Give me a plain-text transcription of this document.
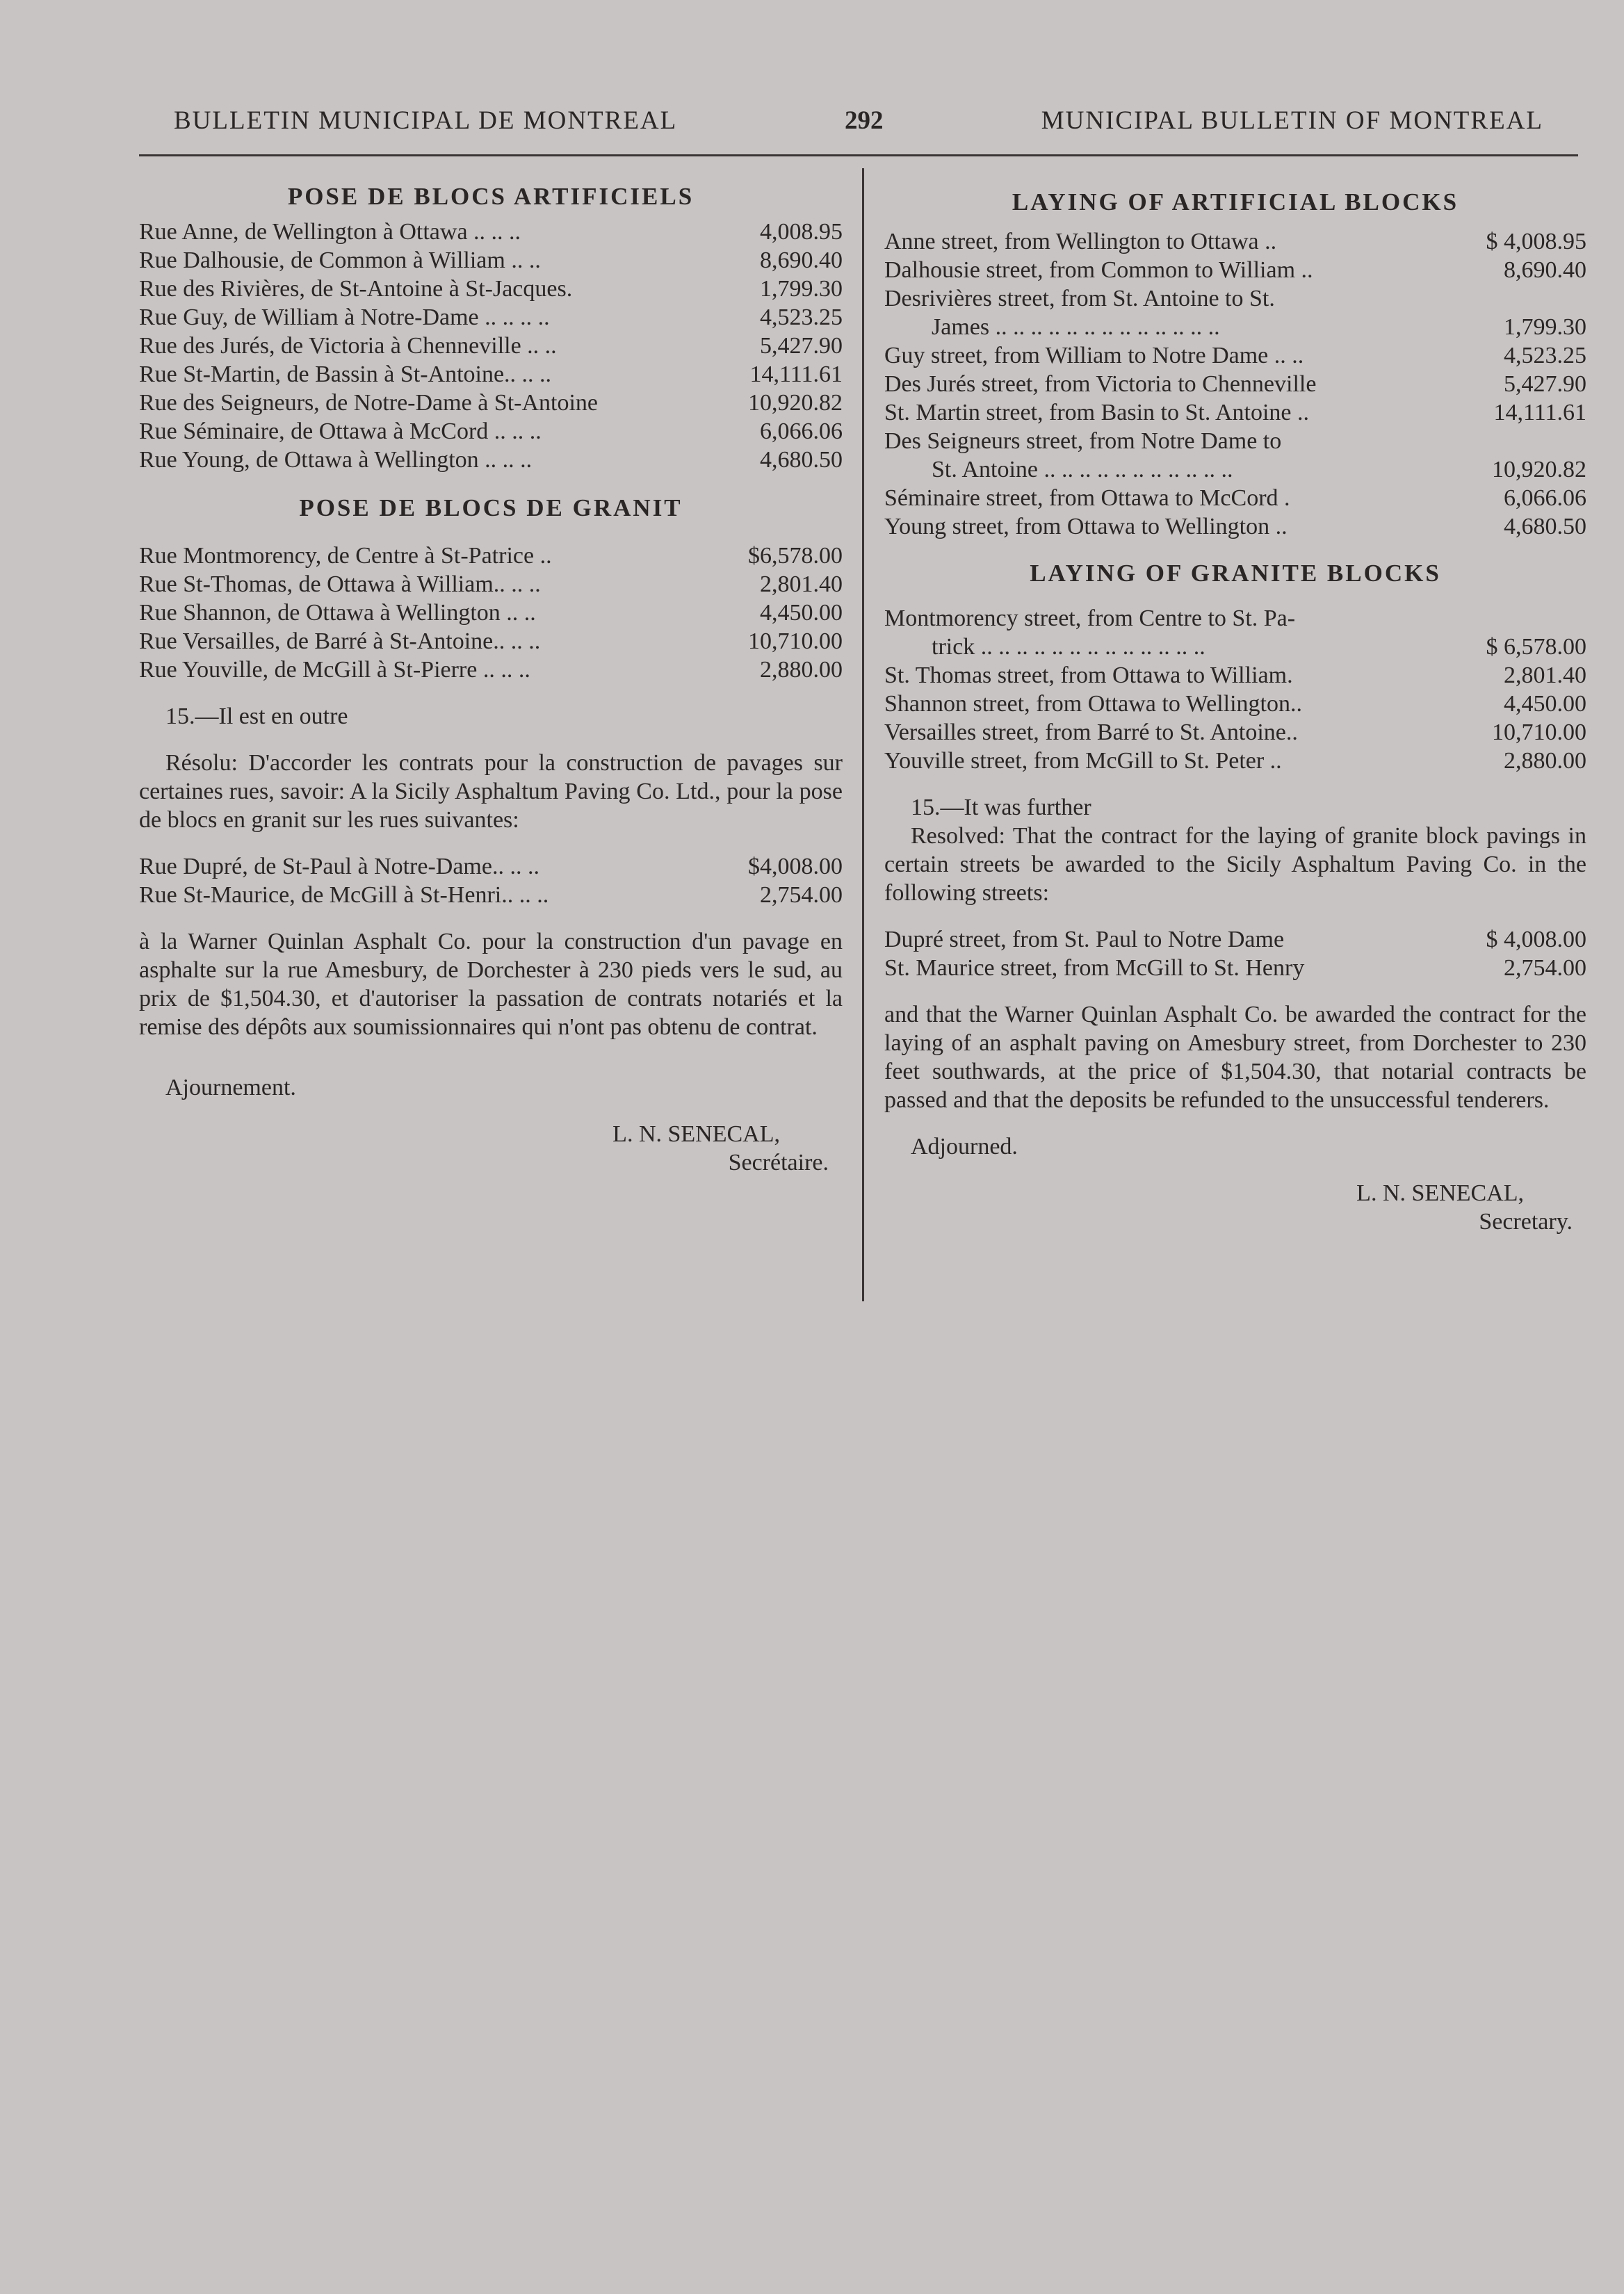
BULLETIN MUNICIPAL DE MONTREAL	292	MUNICIPAL BULLETIN OF MONTREAL
POSE DE BLOCS ARTIFICIELS
Rue Anne, de Wellington à Ottawa .. .. ..	4,008.95
Rue Dalhousie, de Common à William .. ..	8,690.40
Rue des Rivières, de St-Antoine à St-Jacques.	1,799.30
Rue Guy, de William à Notre-Dame .. .. .. ..	4,523.25
Rue des Jurés, de Victoria à Chenneville .. ..	5,427.90
Rue St-Martin, de Bassin à St-Antoine.. .. ..	14,111.61
Rue des Seigneurs, de Notre-Dame à St-Antoine	10,920.82
Rue Séminaire, de Ottawa à McCord .. .. ..	6,066.06
Rue Young, de Ottawa à Wellington .. .. ..	4,680.50
POSE DE BLOCS DE GRANIT
Rue Montmorency, de Centre à St-Patrice ..	$6,578.00
Rue St-Thomas, de Ottawa à William.. .. ..	2,801.40
Rue Shannon, de Ottawa à Wellington .. ..	4,450.00
Rue Versailles, de Barré à St-Antoine.. .. ..	10,710.00
Rue Youville, de McGill à St-Pierre .. .. ..	2,880.00
15.—Il est en outre

Résolu: D'accorder les contrats pour la construction de pavages sur certaines rues, savoir: A la Sicily Asphaltum Paving Co. Ltd., pour la pose de blocs en granit sur les rues suivantes:

Rue Dupré, de St-Paul à Notre-Dame.. .. ..	$4,008.00
Rue St-Maurice, de McGill à St-Henri.. .. ..	2,754.00

à la Warner Quinlan Asphalt Co. pour la construction d'un pavage en asphalte sur la rue Amesbury, de Dorchester à 230 pieds vers le sud, au prix de $1,504.30, et d'autoriser la passation de contrats notariés et la remise des dépôts aux soumissionnaires qui n'ont pas obtenu de contrat.

Ajournement.
L. N. SENECAL,
Secrétaire.
LAYING OF ARTIFICIAL BLOCKS
Anne street, from Wellington to Ottawa ..	$ 4,008.95
Dalhousie street, from Common to William ..	8,690.40
Desrivières street, from St. Antoine to St.
James .. .. .. .. .. .. .. .. .. .. .. .. ..	1,799.30
Guy street, from William to Notre Dame .. ..	4,523.25
Des Jurés street, from Victoria to Chenneville	5,427.90
St. Martin street, from Basin to St. Antoine ..	14,111.61
Des Seigneurs street, from Notre Dame to
St. Antoine .. .. .. .. .. .. .. .. .. .. ..	10,920.82
Séminaire street, from Ottawa to McCord .	6,066.06
Young street, from Ottawa to Wellington ..	4,680.50
LAYING OF GRANITE BLOCKS
Montmorency street, from Centre to St. Pa-
trick .. .. .. .. .. .. .. .. .. .. .. .. ..	$ 6,578.00
St. Thomas street, from Ottawa to William.	2,801.40
Shannon street, from Ottawa to Wellington..	4,450.00
Versailles street, from Barré to St. Antoine..	10,710.00
Youville street, from McGill to St. Peter ..	2,880.00
15.—It was further

Resolved: That the contract for the laying of granite block pavings in certain streets be awarded to the Sicily Asphaltum Paving Co. in the following streets:

Dupré street, from St. Paul to Notre Dame	$ 4,008.00
St. Maurice street, from McGill to St. Henry	2,754.00

and that the Warner Quinlan Asphalt Co. be awarded the contract for the laying of an asphalt paving on Amesbury street, from Dorchester to 230 feet southwards, at the price of $1,504.30, that notarial contracts be passed and that the deposits be refunded to the unsuccessful tenderers.

Adjourned.
L. N. SENECAL,
Secretary.
